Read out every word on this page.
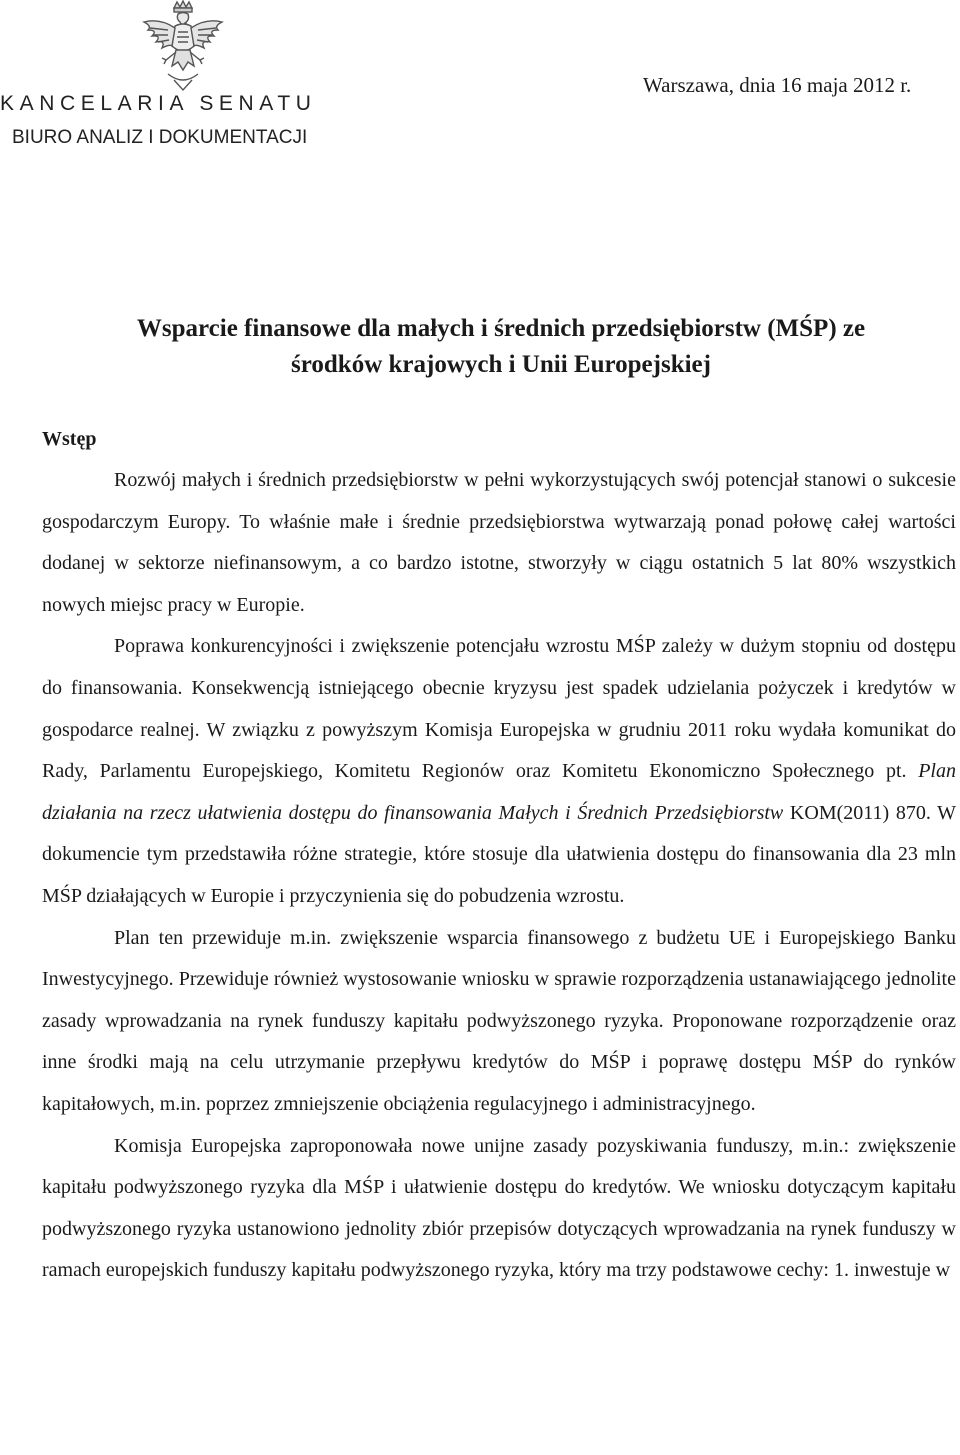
KANCELARIA SENATU
BIURO ANALIZ I DOKUMENTACJI
Warszawa, dnia 16 maja 2012 r.
Wsparcie finansowe dla małych i średnich przedsiębiorstw (MŚP) ze
środków krajowych i Unii Europejskiej
Wstęp

Rozwój małych i średnich przedsiębiorstw w pełni wykorzystujących swój potencjał stanowi o sukcesie gospodarczym Europy. To właśnie małe i średnie przedsiębiorstwa wytwarzają ponad połowę całej wartości dodanej w sektorze niefinansowym, a co bardzo istotne, stworzyły w ciągu ostatnich 5 lat 80% wszystkich nowych miejsc pracy w Europie.

Poprawa konkurencyjności i zwiększenie potencjału wzrostu MŚP zależy w dużym stopniu od dostępu do finansowania. Konsekwencją istniejącego obecnie kryzysu jest spadek udzielania pożyczek i kredytów w gospodarce realnej. W związku z powyższym Komisja Europejska w grudniu 2011 roku wydała komunikat do Rady, Parlamentu Europejskiego, Komitetu Regionów oraz Komitetu Ekonomiczno Społecznego pt. Plan działania na rzecz ułatwienia dostępu do finansowania Małych i Średnich Przedsiębiorstw KOM(2011) 870. W dokumencie tym przedstawiła różne strategie, które stosuje dla ułatwienia dostępu do finansowania dla 23 mln MŚP działających w Europie i przyczynienia się do pobudzenia wzrostu.

Plan ten przewiduje m.in. zwiększenie wsparcia finansowego z budżetu UE i Europejskiego Banku Inwestycyjnego. Przewiduje również wystosowanie wniosku w sprawie rozporządzenia ustanawiającego jednolite zasady wprowadzania na rynek funduszy kapitału podwyższonego ryzyka. Proponowane rozporządzenie oraz inne środki mają na celu utrzymanie przepływu kredytów do MŚP i poprawę dostępu MŚP do rynków kapitałowych, m.in. poprzez zmniejszenie obciążenia regulacyjnego i administracyjnego.

Komisja Europejska zaproponowała nowe unijne zasady pozyskiwania funduszy, m.in.: zwiększenie kapitału podwyższonego ryzyka dla MŚP i ułatwienie dostępu do kredytów. We wniosku dotyczącym kapitału podwyższonego ryzyka ustanowiono jednolity zbiór przepisów dotyczących wprowadzania na rynek funduszy w ramach europejskich funduszy kapitału podwyższonego ryzyka, który ma trzy podstawowe cechy: 1. inwestuje w
